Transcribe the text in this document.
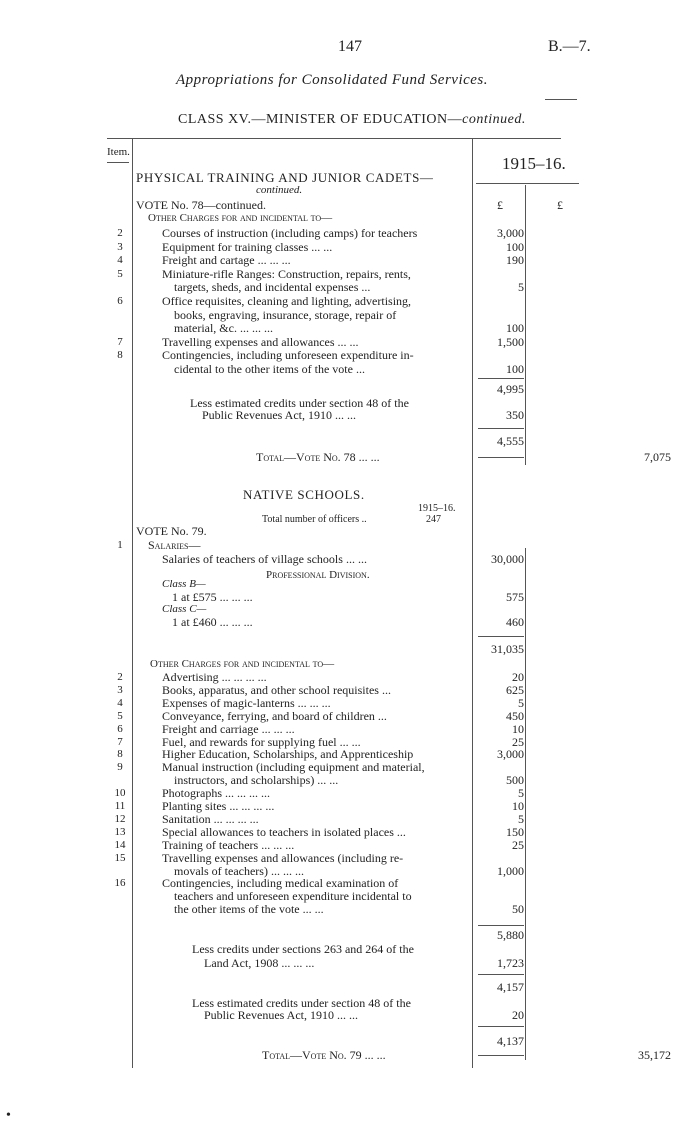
147	B.—7.
Appropriations for Consolidated Fund Services.
CLASS XV.—MINISTER OF EDUCATION—continued.
Item.
1915–16.
PHYSICAL TRAINING AND JUNIOR CADETS—
continued.
VOTE No. 78—continued.	£	£
Other Charges for and incidental to—
2	Courses of instruction (including camps) for teachers	3,000
3	Equipment for training classes ... ...	100
4	Freight and cartage ... ... ...	190
5	Miniature-rifle Ranges: Construction, repairs, rents,
targets, sheds, and incidental expenses ...	5
6	Office requisites, cleaning and lighting, advertising,
books, engraving, insurance, storage, repair of
material, &c. ... ... ...	100
7	Travelling expenses and allowances ... ...	1,500
8	Contingencies, including unforeseen expenditure in-
cidental to the other items of the vote ...	100
4,995
Less estimated credits under section 48 of the
Public Revenues Act, 1910 ... ...	350
4,555
Total—Vote No. 78 ... ...	7,075
NATIVE SCHOOLS.
1915–16.
Total number of officers ..	247
VOTE No. 79.
1	Salaries—
Salaries of teachers of village schools ... ...	30,000
Professional Division.
Class B—
1 at £575 ... ... ...	575
Class C—
1 at £460 ... ... ...	460
31,035
Other Charges for and incidental to—
2	Advertising ... ... ... ...	20
3	Books, apparatus, and other school requisites ...	625
4	Expenses of magic-lanterns ... ... ...	5
5	Conveyance, ferrying, and board of children ...	450
6	Freight and carriage ... ... ...	10
7	Fuel, and rewards for supplying fuel ... ...	25
8	Higher Education, Scholarships, and Apprenticeship	3,000
9	Manual instruction (including equipment and material,
instructors, and scholarships) ... ...	500
10	Photographs ... ... ... ...	5
11	Planting sites ... ... ... ...	10
12	Sanitation ... ... ... ...	5
13	Special allowances to teachers in isolated places ...	150
14	Training of teachers ... ... ...	25
15	Travelling expenses and allowances (including re-
movals of teachers) ... ... ...	1,000
16	Contingencies, including medical examination of
teachers and unforeseen expenditure incidental to
the other items of the vote ... ...	50
5,880
Less credits under sections 263 and 264 of the
Land Act, 1908 ... ... ...	1,723
4,157
Less estimated credits under section 48 of the
Public Revenues Act, 1910 ... ...	20
4,137
Total—Vote No. 79 ... ...	35,172
•
